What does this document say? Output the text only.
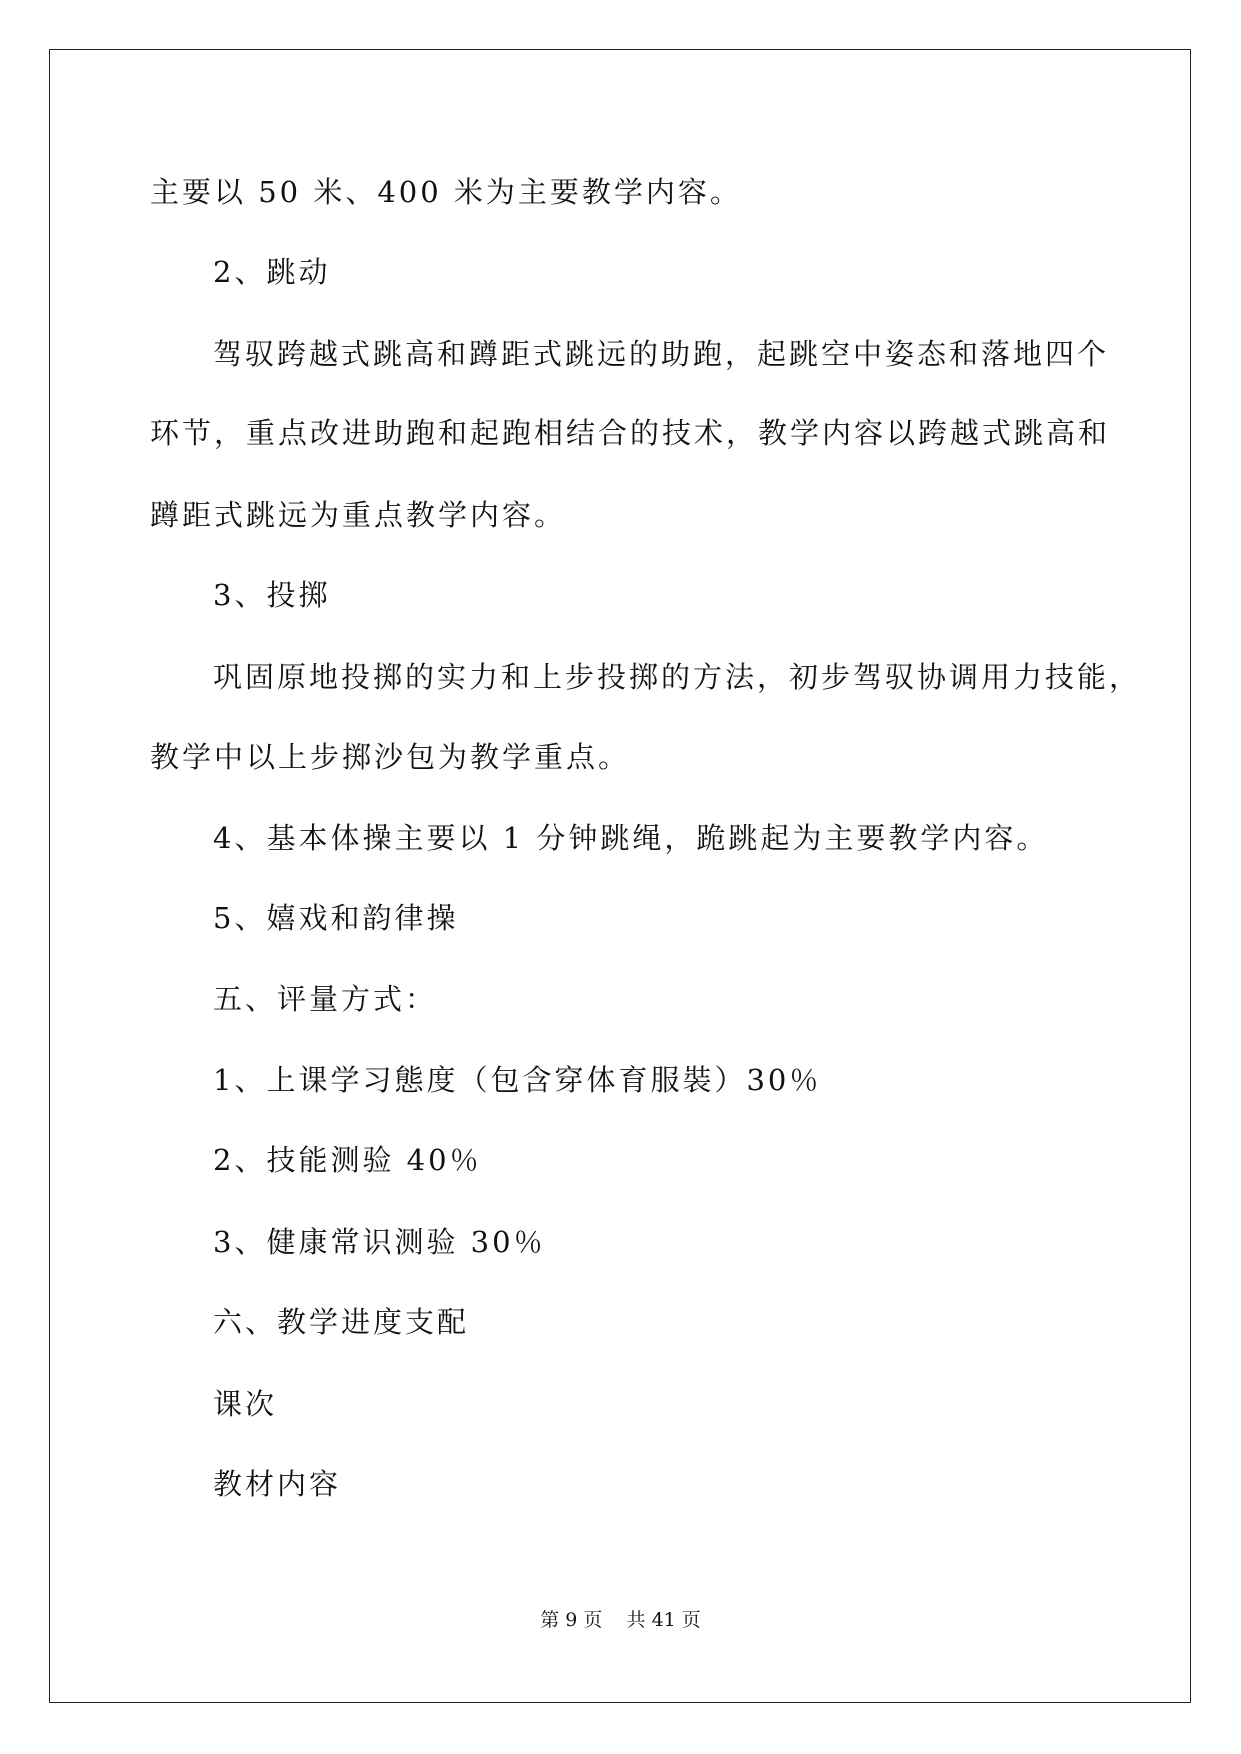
主要以 50 米、400 米为主要教学内容。
2、跳动
驾驭跨越式跳高和蹲距式跳远的助跑，起跳空中姿态和落地四个
环节，重点改进助跑和起跑相结合的技术，教学内容以跨越式跳高和
蹲距式跳远为重点教学内容。
3、投掷
巩固原地投掷的实力和上步投掷的方法，初步驾驭协调用力技能，
教学中以上步掷沙包为教学重点。
4、基本体操主要以 1 分钟跳绳，跪跳起为主要教学内容。
5、嬉戏和韵律操
五、评量方式：
1、上课学习態度（包含穿体育服裝）30％
2、技能测验 40％
3、健康常识测验 30％
六、教学进度支配
课次
教材内容
第 9 页    共 41 页
